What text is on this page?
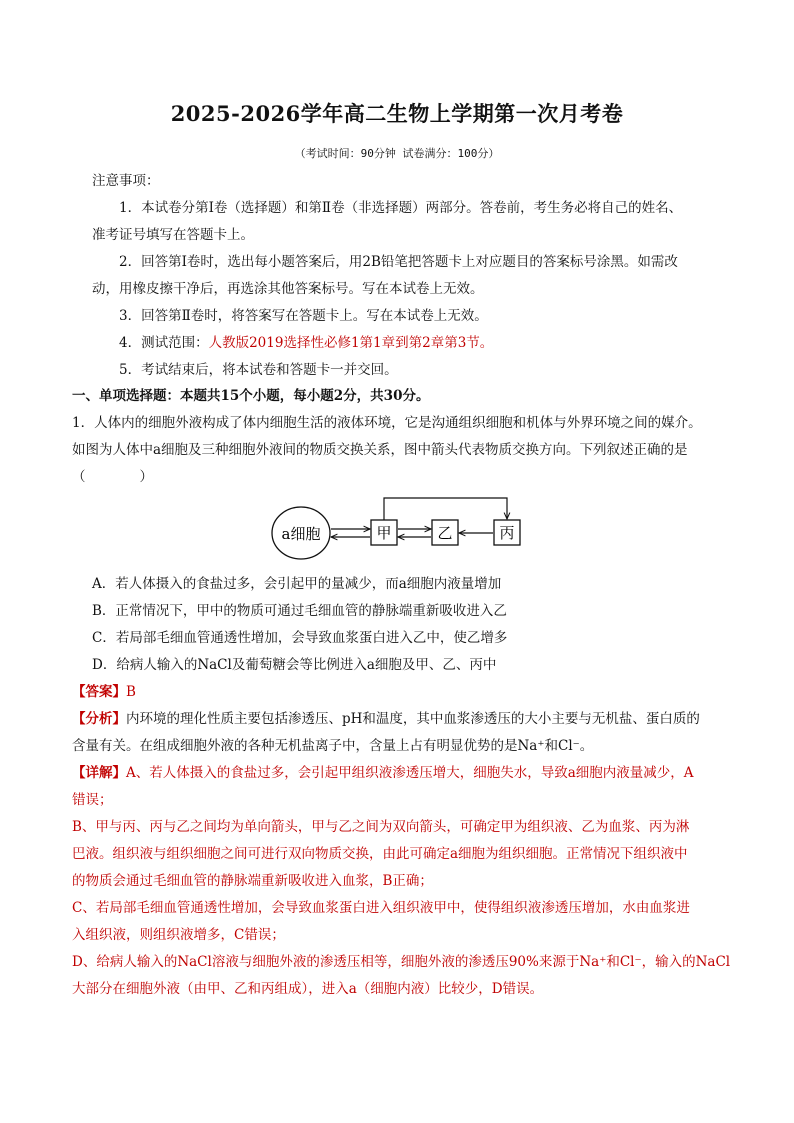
2025-2026学年高二生物上学期第一次月考卷
（考试时间：90分钟 试卷满分：100分）
注意事项：
1．本试卷分第Ⅰ卷（选择题）和第Ⅱ卷（非选择题）两部分。答卷前，考生务必将自己的姓名、
准考证号填写在答题卡上。
2．回答第Ⅰ卷时，选出每小题答案后，用2B铅笔把答题卡上对应题目的答案标号涂黑。如需改
动，用橡皮擦干净后，再选涂其他答案标号。写在本试卷上无效。
3．回答第Ⅱ卷时，将答案写在答题卡上。写在本试卷上无效。
4．测试范围：人教版2019选择性必修1第1章到第2章第3节。
5．考试结束后，将本试卷和答题卡一并交回。
一、单项选择题：本题共15个小题，每小题2分，共30分。
1．人体内的细胞外液构成了体内细胞生活的液体环境，它是沟通组织细胞和机体与外界环境之间的媒介。
如图为人体中a细胞及三种细胞外液间的物质交换关系，图中箭头代表物质交换方向。下列叙述正确的是
（　　　　）
a细胞	甲	乙	丙
A．若人体摄入的食盐过多，会引起甲的量减少，而a细胞内液量增加
B．正常情况下，甲中的物质可通过毛细血管的静脉端重新吸收进入乙
C．若局部毛细血管通透性增加，会导致血浆蛋白进入乙中，使乙增多
D．给病人输入的NaCl及葡萄糖会等比例进入a细胞及甲、乙、丙中
【答案】B
【分析】内环境的理化性质主要包括渗透压、pH和温度，其中血浆渗透压的大小主要与无机盐、蛋白质的
含量有关。在组成细胞外液的各种无机盐离子中，含量上占有明显优势的是Na⁺和Cl⁻。
【详解】A、若人体摄入的食盐过多，会引起甲组织液渗透压增大，细胞失水，导致a细胞内液量减少，A
错误；
B、甲与丙、丙与乙之间均为单向箭头，甲与乙之间为双向箭头，可确定甲为组织液、乙为血浆、丙为淋
巴液。组织液与组织细胞之间可进行双向物质交换，由此可确定a细胞为组织细胞。正常情况下组织液中
的物质会通过毛细血管的静脉端重新吸收进入血浆，B正确；
C、若局部毛细血管通透性增加，会导致血浆蛋白进入组织液甲中，使得组织液渗透压增加，水由血浆进
入组织液，则组织液增多，C错误；
D、给病人输入的NaCl溶液与细胞外液的渗透压相等，细胞外液的渗透压90%来源于Na⁺和Cl⁻，输入的NaCl
大部分在细胞外液（由甲、乙和丙组成），进入a（细胞内液）比较少，D错误。
